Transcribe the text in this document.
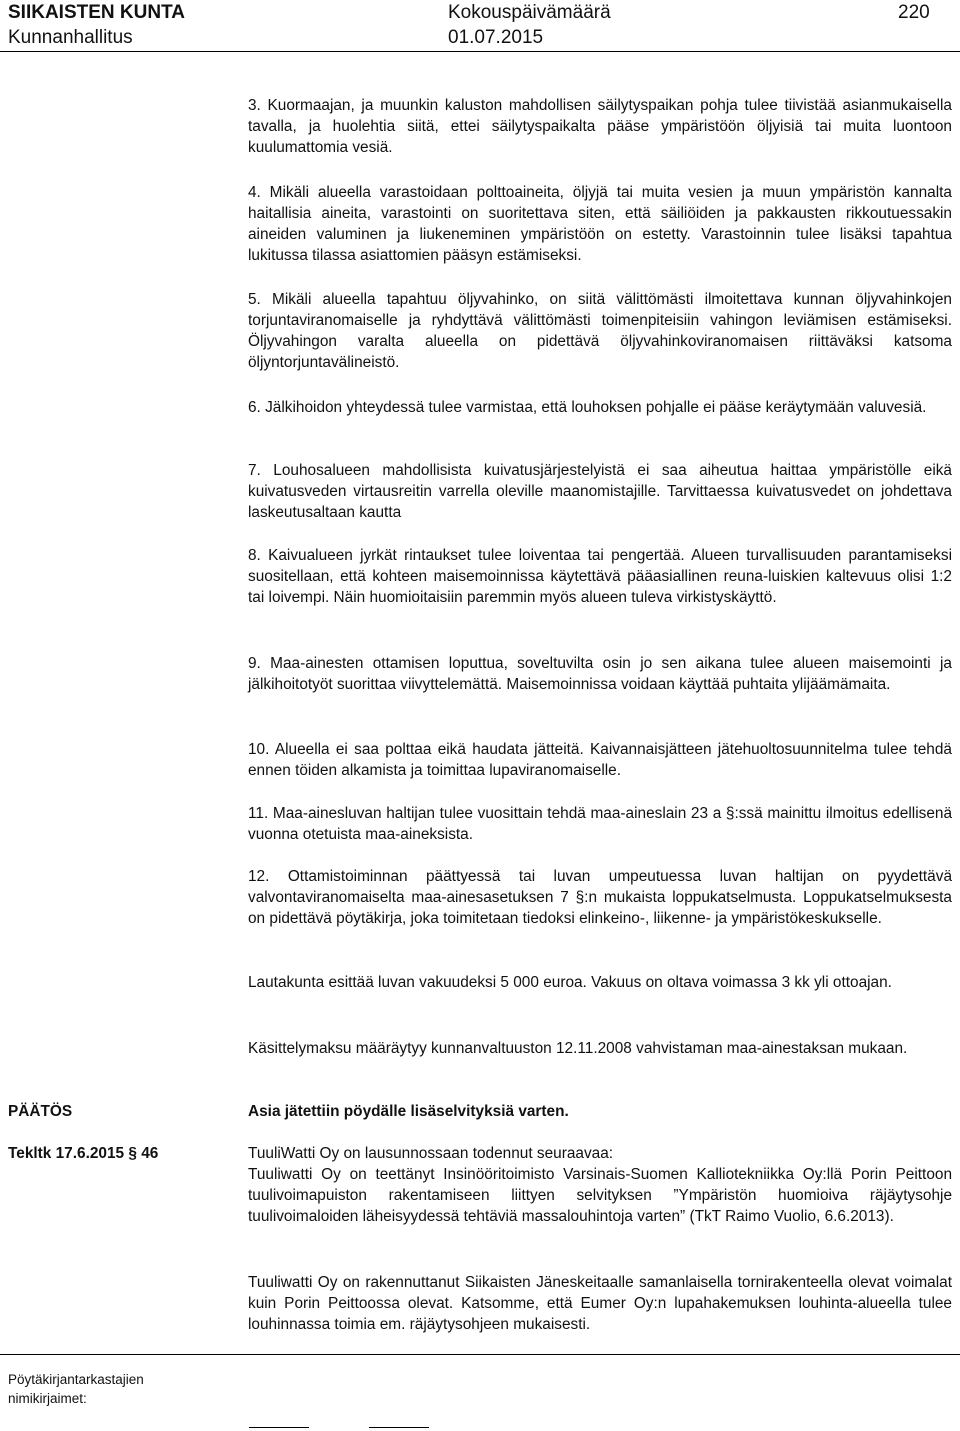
SIIKAISTEN KUNTA
Kunnanhallitus
Kokouspäivämäärä
01.07.2015
220

3. Kuormaajan, ja muunkin kaluston mahdollisen säilytyspaikan pohja tulee tiivistää asianmukaisella tavalla, ja huolehtia siitä, ettei säilytyspaikalta pääse ympäristöön öljyisiä tai muita luontoon kuulumattomia vesiä.

4. Mikäli alueella varastoidaan polttoaineita, öljyjä tai muita vesien ja muun ympäristön kannalta haitallisia aineita, varastointi on suoritettava siten, että säiliöiden ja pakkausten rikkoutuessakin aineiden valuminen ja liukeneminen ympäristöön on estetty. Varastoinnin tulee lisäksi tapahtua lukitussa tilassa asiattomien pääsyn estämiseksi.

5. Mikäli alueella tapahtuu öljyvahinko, on siitä välittömästi ilmoitettava kunnan öljyvahinkojen torjuntaviranomaiselle ja ryhdyttävä välittömästi toimenpiteisiin vahingon leviämisen estämiseksi. Öljyvahingon varalta alueella on pidettävä öljyvahinkoviranomaisen riittäväksi katsoma öljyntorjuntavälineistö.

6. Jälkihoidon yhteydessä tulee varmistaa, että louhoksen pohjalle ei pääse keräytymään valuvesiä.

7. Louhosalueen mahdollisista kuivatusjärjestelyistä ei saa aiheutua haittaa ympäristölle eikä kuivatusveden virtausreitin varrella oleville maanomistajille. Tarvittaessa kuivatusvedet on johdettava laskeutusaltaan kautta

8. Kaivualueen jyrkät rintaukset tulee loiventaa tai pengertää. Alueen turvallisuuden parantamiseksi suositellaan, että kohteen maisemoinnissa käytettävä pääasiallinen reuna-luiskien kaltevuus olisi 1:2 tai loivempi. Näin huomioitaisiin paremmin myös alueen tuleva virkistyskäyttö.

9. Maa-ainesten ottamisen loputtua, soveltuvilta osin jo sen aikana tulee alueen maisemointi ja jälkihoitotyöt suorittaa viivyttelemättä. Maisemoinnissa voidaan käyttää puhtaita ylijäämämaita.

10. Alueella ei saa polttaa eikä haudata jätteitä. Kaivannaisjätteen jätehuoltosuunnitelma tulee tehdä ennen töiden alkamista ja toimittaa lupaviranomaiselle.

11. Maa-ainesluvan haltijan tulee vuosittain tehdä maa-aineslain 23 a §:ssä mainittu ilmoitus edellisenä vuonna otetuista maa-aineksista.

12. Ottamistoiminnan päättyessä tai luvan umpeutuessa luvan haltijan on pyydettävä valvontaviranomaiselta maa-ainesasetuksen 7 §:n mukaista loppukatselmusta. Loppukatselmuksesta on pidettävä pöytäkirja, joka toimitetaan tiedoksi elinkeino-, liikenne- ja ympäristökeskukselle.

Lautakunta esittää luvan vakuudeksi 5 000 euroa. Vakuus on oltava voimassa 3 kk yli ottoajan.

Käsittelymaksu määräytyy kunnanvaltuuston 12.11.2008 vahvistaman maa-ainestaksan mukaan.

PÄÄTÖS	Asia jätettiin pöydälle lisäselvityksiä varten.

Tekltk 17.6.2015 § 46	TuuliWatti Oy on lausunnossaan todennut seuraavaa:

Tuuliwatti Oy on teettänyt Insinööritoimisto Varsinais-Suomen Kalliotekniikka Oy:llä Porin Peittoon tuulivoimapuiston rakentamiseen liittyen selvityksen ”Ympäristön huomioiva räjäytysohje tuulivoimaloiden läheisyydessä tehtäviä massalouhintoja varten” (TkT Raimo Vuolio, 6.6.2013).

Tuuliwatti Oy on rakennuttanut Siikaisten Jäneskeitaalle samanlaisella tornirakenteella olevat voimalat kuin Porin Peittoossa olevat. Katsomme, että Eumer Oy:n lupahakemuksen louhinta-alueella tulee louhinnassa toimia em. räjäytysohjeen mukaisesti.

Pöytäkirjantarkastajien nimikirjaimet:
